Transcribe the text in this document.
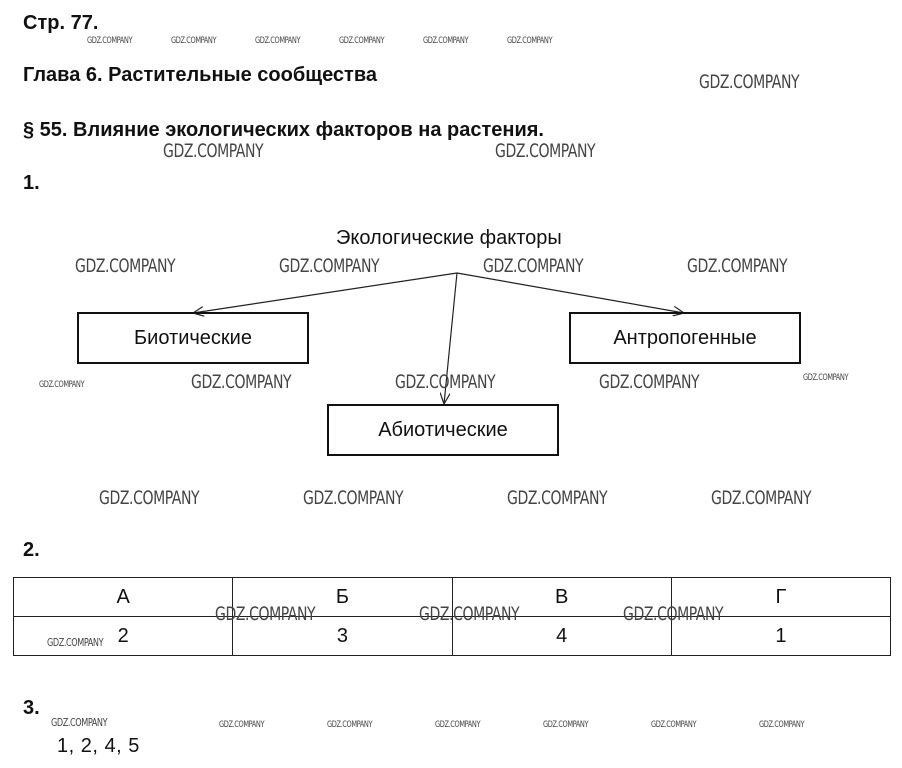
Стр. 77.
Глава 6. Растительные сообщества
§ 55. Влияние экологических факторов на растения.
1.
Экологические факторы
Биотические	Антропогенные
Абиотические
2.
А	Б	В	Г
2	3	4	1
3.
1, 2, 4, 5
GDZ.COMPANY	GDZ.COMPANY	GDZ.COMPANY	GDZ.COMPANY	GDZ.COMPANY	GDZ.COMPANY
GDZ.COMPANY
GDZ.COMPANY	GDZ.COMPANY
GDZ.COMPANY	GDZ.COMPANY	GDZ.COMPANY	GDZ.COMPANY
GDZ.COMPANY	GDZ.COMPANY	GDZ.COMPANY	GDZ.COMPANY	GDZ.COMPANY
GDZ.COMPANY	GDZ.COMPANY	GDZ.COMPANY	GDZ.COMPANY
GDZ.COMPANY	GDZ.COMPANY	GDZ.COMPANY
GDZ.COMPANY
GDZ.COMPANY	GDZ.COMPANY	GDZ.COMPANY	GDZ.COMPANY	GDZ.COMPANY	GDZ.COMPANY	GDZ.COMPANY
